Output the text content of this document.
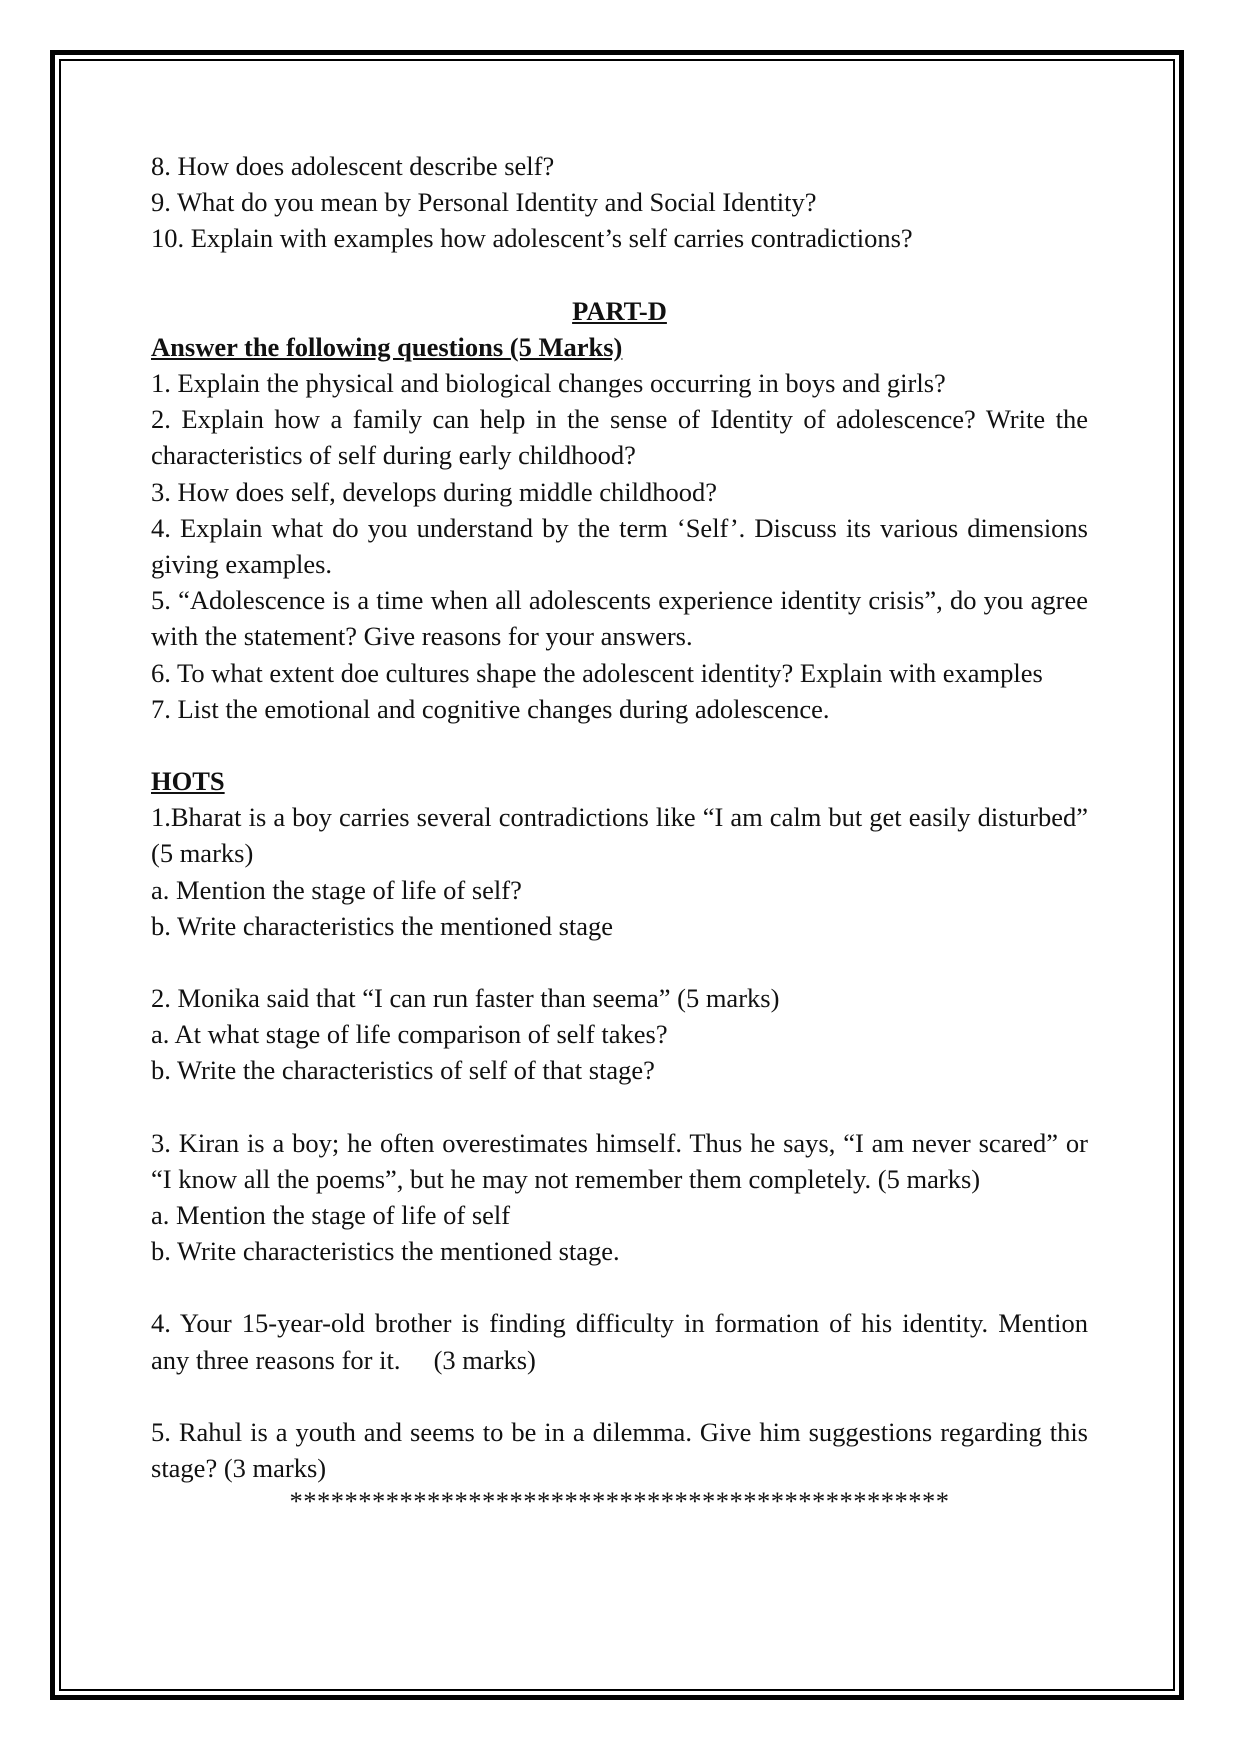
8. How does adolescent describe self?

9. What do you mean by Personal Identity and Social Identity?

10. Explain with examples how adolescent’s self carries contradictions?

PART-D

Answer the following questions (5 Marks)

1. Explain the physical and biological changes occurring in boys and girls?

2. Explain how a family can help in the sense of Identity of adolescence? Write the characteristics of self during early childhood?

3. How does self, develops during middle childhood?

4. Explain what do you understand by the term ‘Self’. Discuss its various dimensions giving examples.

5. “Adolescence is a time when all adolescents experience identity crisis”, do you agree with the statement? Give reasons for your answers.

6. To what extent doe cultures shape the adolescent identity? Explain with examples

7. List the emotional and cognitive changes during adolescence.

HOTS

1.Bharat is a boy carries several contradictions like “I am calm but get easily disturbed” (5 marks)

a. Mention the stage of life of self?

b. Write characteristics the mentioned stage

2. Monika said that “I can run faster than seema” (5 marks)

a. At what stage of life comparison of self takes?

b. Write the characteristics of self of that stage?

3. Kiran is a boy; he often overestimates himself. Thus he says, “I am never scared” or “I know all the poems”, but he may not remember them completely. (5 marks)

a. Mention the stage of life of self

b. Write characteristics the mentioned stage.

4. Your 15-year-old brother is finding difficulty in formation of his identity. Mention any three reasons for it.     (3 marks)

5. Rahul is a youth and seems to be in a dilemma. Give him suggestions regarding this stage? (3 marks)

************************************************
